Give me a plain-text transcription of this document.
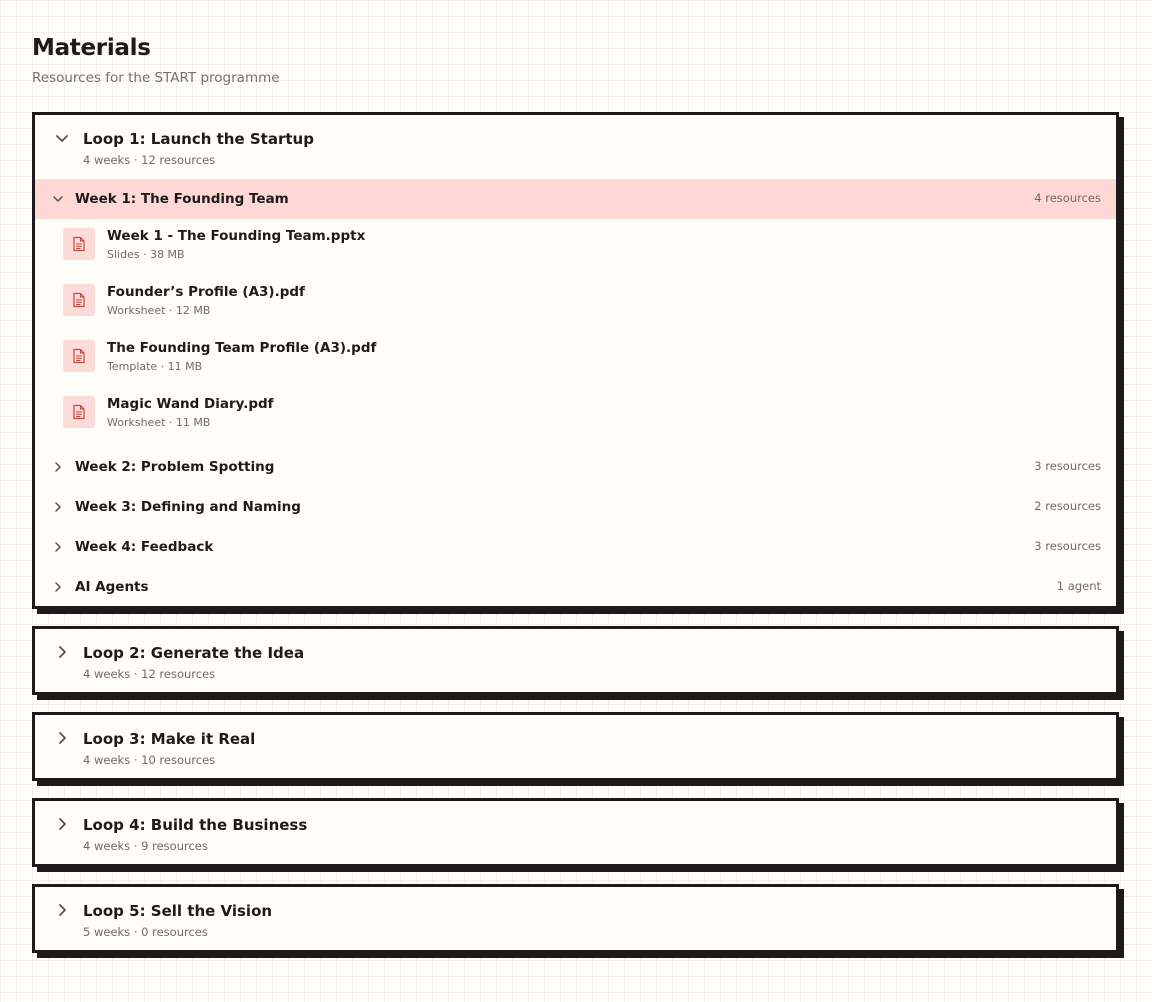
Materials

Resources for the START programme

Loop 1: Launch the Startup
4 weeks · 12 resources
Week 1: The Founding Team	4 resources
Week 1 - The Founding Team.pptx
Slides · 38 MB
Founder’s Profile (A3).pdf
Worksheet · 12 MB
The Founding Team Profile (A3).pdf
Template · 11 MB
Magic Wand Diary.pdf
Worksheet · 11 MB
Week 2: Problem Spotting	3 resources
Week 3: Defining and Naming	2 resources
Week 4: Feedback	3 resources
AI Agents	1 agent
Loop 2: Generate the Idea
4 weeks · 12 resources
Loop 3: Make it Real
4 weeks · 10 resources
Loop 4: Build the Business
4 weeks · 9 resources
Loop 5: Sell the Vision
5 weeks · 0 resources
